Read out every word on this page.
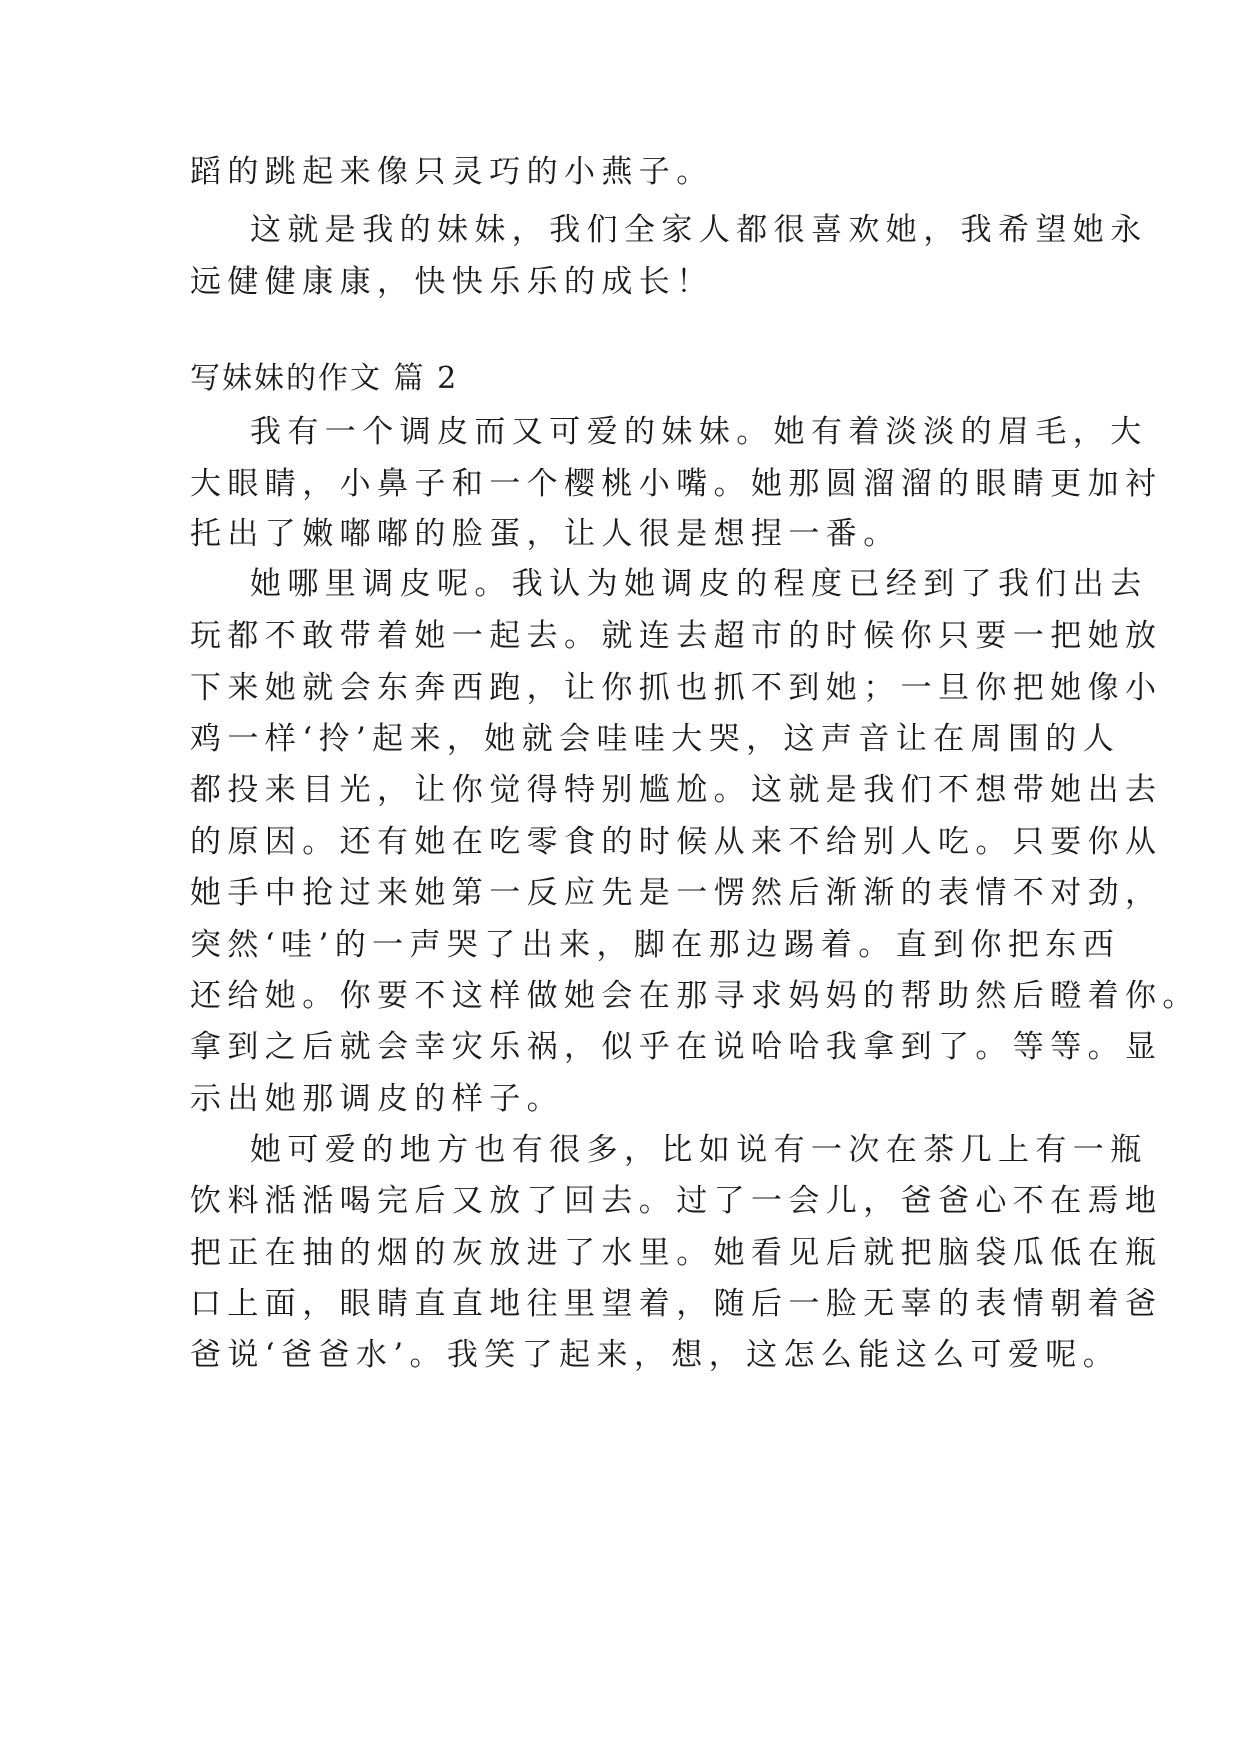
蹈的跳起来像只灵巧的小燕子。
这就是我的妹妹，我们全家人都很喜欢她，我希望她永
远健健康康，快快乐乐的成长！
写妹妹的作文 篇 2
我有一个调皮而又可爱的妹妹。她有着淡淡的眉毛，大
大眼睛，小鼻子和一个樱桃小嘴。她那圆溜溜的眼睛更加衬
托出了嫩嘟嘟的脸蛋，让人很是想捏一番。
她哪里调皮呢。我认为她调皮的程度已经到了我们出去
玩都不敢带着她一起去。就连去超市的时候你只要一把她放
下来她就会东奔西跑，让你抓也抓不到她；一旦你把她像小
鸡一样‘拎’起来，她就会哇哇大哭，这声音让在周围的人
都投来目光，让你觉得特别尴尬。这就是我们不想带她出去
的原因。还有她在吃零食的时候从来不给别人吃。只要你从
她手中抢过来她第一反应先是一愣然后渐渐的表情不对劲，
突然‘哇’的一声哭了出来，脚在那边踢着。直到你把东西
还给她。你要不这样做她会在那寻求妈妈的帮助然后瞪着你。
拿到之后就会幸灾乐祸，似乎在说哈哈我拿到了。等等。显
示出她那调皮的样子。
她可爱的地方也有很多，比如说有一次在茶几上有一瓶
饮料湉湉喝完后又放了回去。过了一会儿，爸爸心不在焉地
把正在抽的烟的灰放进了水里。她看见后就把脑袋瓜低在瓶
口上面，眼睛直直地往里望着，随后一脸无辜的表情朝着爸
爸说‘爸爸水’。我笑了起来，想，这怎么能这么可爱呢。
